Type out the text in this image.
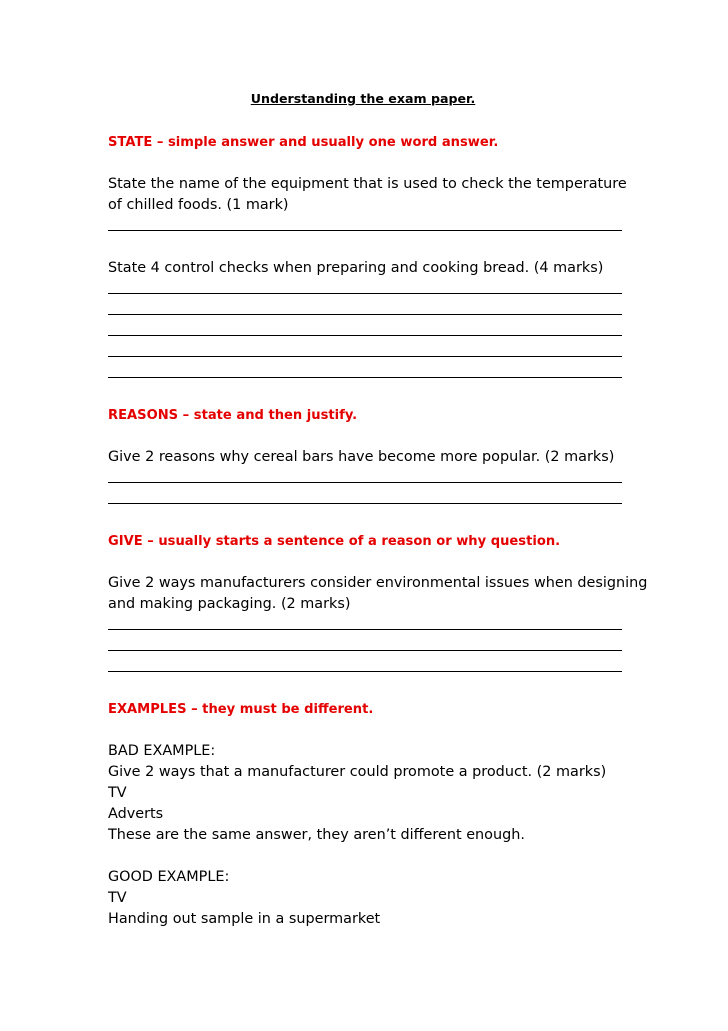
Understanding the exam paper.
STATE – simple answer and usually one word answer.
State the name of the equipment that is used to check the temperature
of chilled foods. (1 mark)
State 4 control checks when preparing and cooking bread. (4 marks)
REASONS – state and then justify.
Give 2 reasons why cereal bars have become more popular. (2 marks)
GIVE – usually starts a sentence of a reason or why question.
Give 2 ways manufacturers consider environmental issues when designing
and making packaging. (2 marks)
EXAMPLES – they must be different.
BAD EXAMPLE:
Give 2 ways that a manufacturer could promote a product. (2 marks)
TV
Adverts
These are the same answer, they aren’t different enough.
GOOD EXAMPLE:
TV
Handing out sample in a supermarket
